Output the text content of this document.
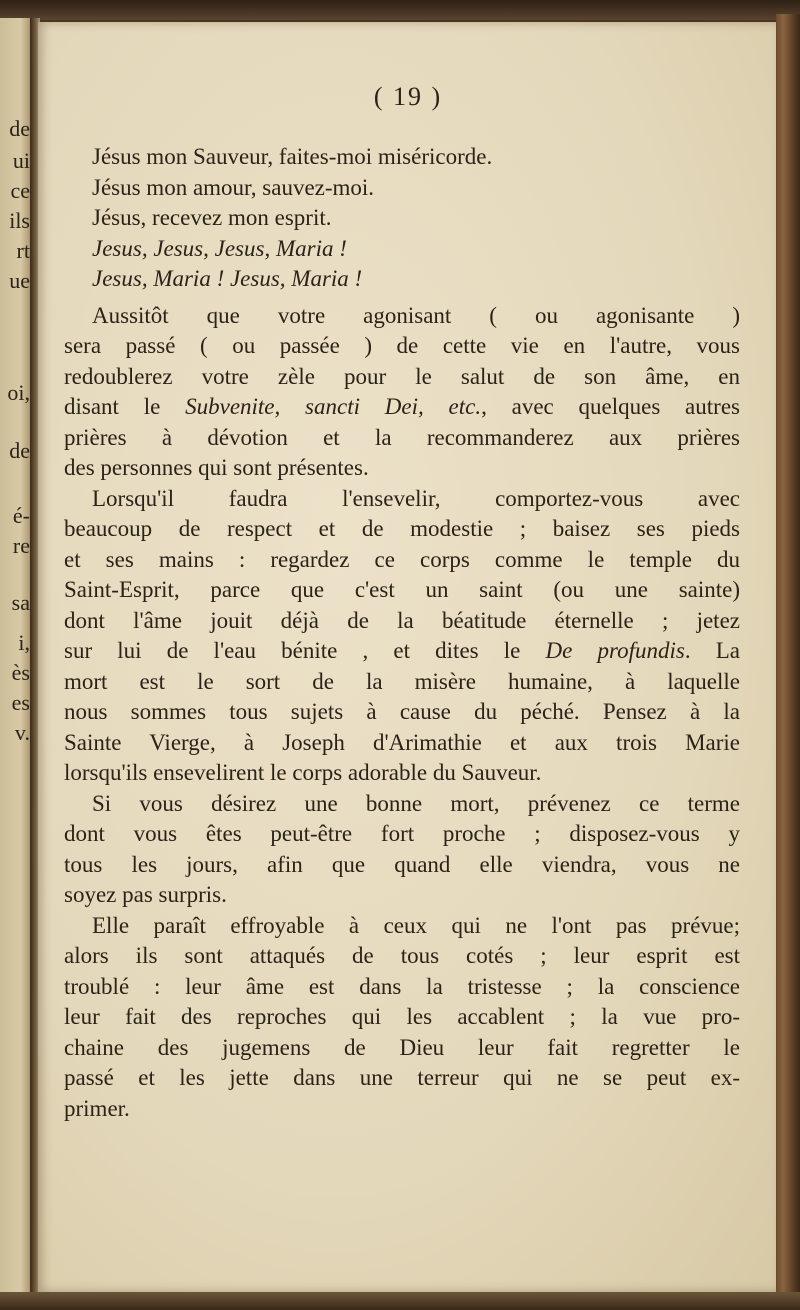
de
ui
ce
ils
rt
ue
oi,
de
é-
re
sa
i,
ès
es
v.
( 19 )

Jésus mon Sauveur, faites-moi miséricorde.

Jésus mon amour, sauvez-moi.

Jésus, recevez mon esprit.

Jesus, Jesus, Jesus, Maria !

Jesus, Maria ! Jesus, Maria !

Aussitôt que votre agonisant ( ou agonisante )
sera passé ( ou passée ) de cette vie en l'autre, vous
redoublerez votre zèle pour le salut de son âme, en
disant le Subvenite, sancti Dei, etc., avec quelques autres
prières à dévotion et la recommanderez aux prières
des personnes qui sont présentes.

Lorsqu'il faudra l'ensevelir, comportez-vous avec
beaucoup de respect et de modestie ; baisez ses pieds
et ses mains : regardez ce corps comme le temple du
Saint-Esprit, parce que c'est un saint (ou une sainte)
dont l'âme jouit déjà de la béatitude éternelle ; jetez
sur lui de l'eau bénite , et dites le De profundis. La
mort est le sort de la misère humaine, à laquelle
nous sommes tous sujets à cause du péché. Pensez à la
Sainte Vierge, à Joseph d'Arimathie et aux trois Marie
lorsqu'ils ensevelirent le corps adorable du Sauveur.

Si vous désirez une bonne mort, prévenez ce terme
dont vous êtes peut-être fort proche ; disposez-vous y
tous les jours, afin que quand elle viendra, vous ne
soyez pas surpris.

Elle paraît effroyable à ceux qui ne l'ont pas prévue;
alors ils sont attaqués de tous cotés ; leur esprit est
troublé : leur âme est dans la tristesse ; la conscience
leur fait des reproches qui les accablent ; la vue pro-
chaine des jugemens de Dieu leur fait regretter le
passé et les jette dans une terreur qui ne se peut ex-
primer.
